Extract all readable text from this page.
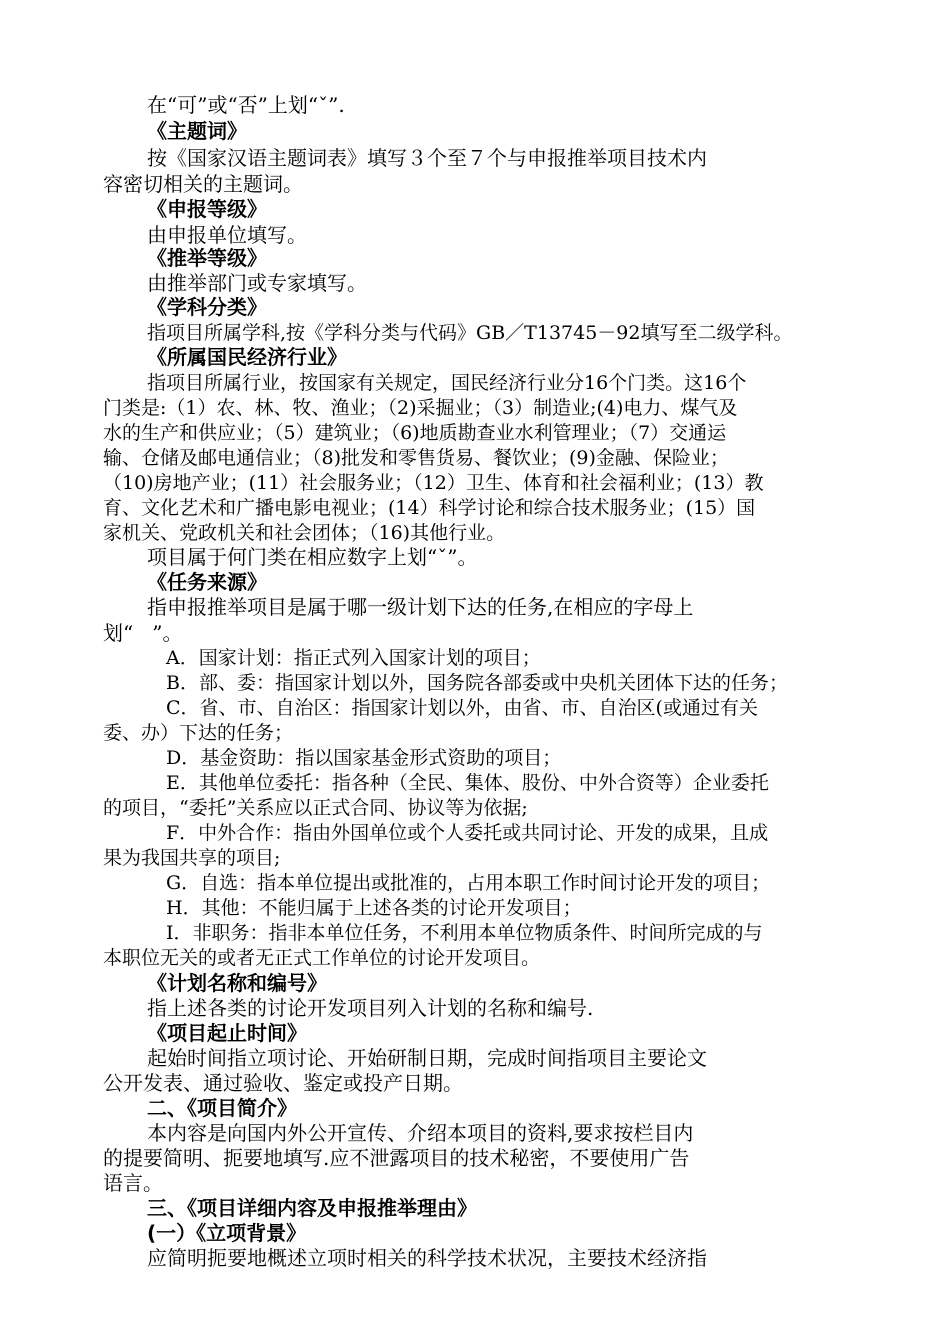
在“可”或“否”上划“ˇ”.
《主题词》
按《国家汉语主题词表》填写３个至７个与申报推举项目技术内
容密切相关的主题词。
《申报等级》
由申报单位填写。
《推举等级》
由推举部门或专家填写。
《学科分类》
指项目所属学科,按《学科分类与代码》GB／T13745－92填写至二级学科。
《所属国民经济行业》
指项目所属行业，按国家有关规定，国民经济行业分16个门类。这16个
门类是:（1）农、林、牧、渔业；（2)采掘业；（3）制造业;(4)电力、煤气及
水的生产和供应业；（5）建筑业；（6)地质勘查业水利管理业；（7）交通运
输、仓储及邮电通信业；（8)批发和零售货易、餐饮业；(9)金融、保险业；
（10)房地产业；(11）社会服务业；（12）卫生、体育和社会福利业；(13）教
育、文化艺术和广播电影电视业；(14）科学讨论和综合技术服务业；(15）国
家机关、党政机关和社会团体；（16)其他行业。
项目属于何门类在相应数字上划“ˇ”。
《任务来源》
指申报推举项目是属于哪一级计划下达的任务,在相应的字母上
划“   ”。
A．国家计划：指正式列入国家计划的项目；
B．部、委：指国家计划以外，国务院各部委或中央机关团体下达的任务；
C．省、市、自治区：指国家计划以外，由省、市、自治区(或通过有关
委、办）下达的任务；
D．基金资助：指以国家基金形式资助的项目；
E．其他单位委托：指各种（全民、集体、股份、中外合资等）企业委托
的项目，“委托”关系应以正式合同、协议等为依据;
F．中外合作：指由外国单位或个人委托或共同讨论、开发的成果，且成
果为我国共享的项目;
G．自选：指本单位提出或批准的，占用本职工作时间讨论开发的项目；
H．其他：不能归属于上述各类的讨论开发项目；
I．非职务：指非本单位任务，不利用本单位物质条件、时间所完成的与
本职位无关的或者无正式工作单位的讨论开发项目。
《计划名称和编号》
指上述各类的讨论开发项目列入计划的名称和编号.
《项目起止时间》
起始时间指立项讨论、开始研制日期，完成时间指项目主要论文
公开发表、通过验收、鉴定或投产日期。
二、《项目简介》
本内容是向国内外公开宣传、介绍本项目的资料,要求按栏目内
的提要简明、扼要地填写.应不泄露项目的技术秘密，不要使用广告
语言。
三、《项目详细内容及申报推举理由》
(一）《立项背景》
应简明扼要地概述立项时相关的科学技术状况，主要技术经济指
